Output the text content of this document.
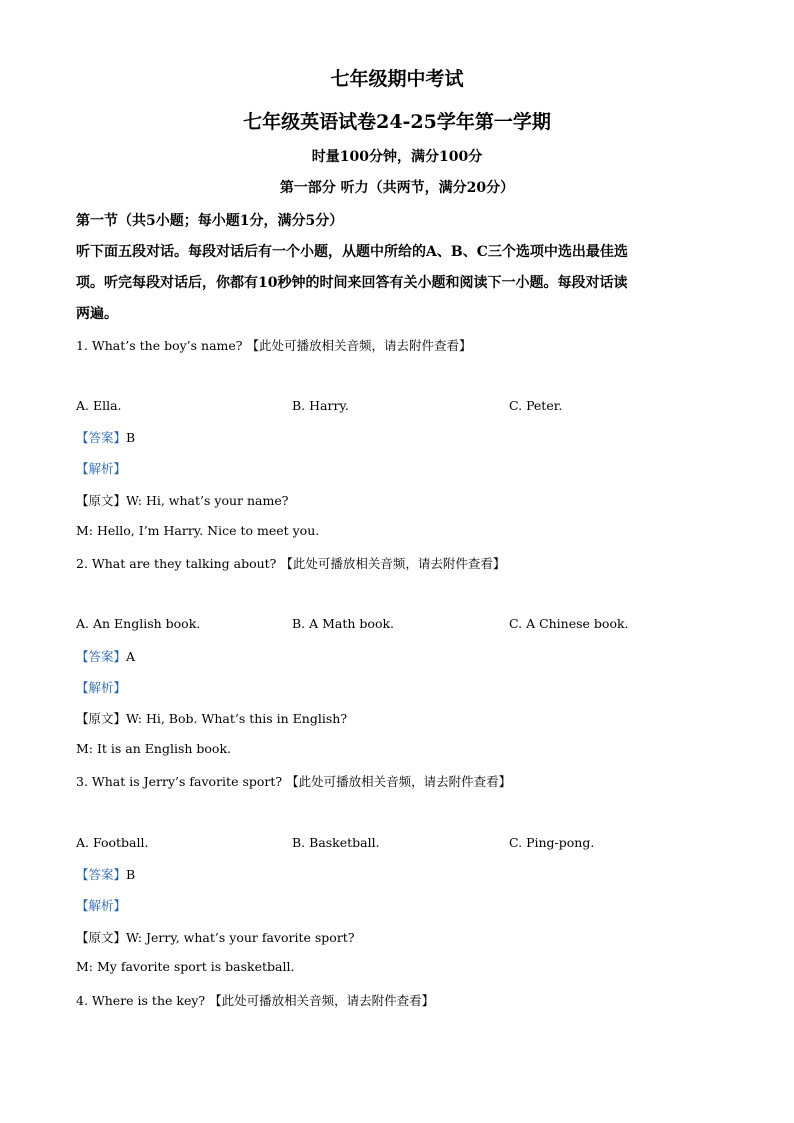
七年级期中考试
七年级英语试卷24-25学年第一学期
时量100分钟，满分100分
第一部分 听力（共两节，满分20分）
第一节（共5小题；每小题1分，满分5分）
听下面五段对话。每段对话后有一个小题，从题中所给的A、B、C三个选项中选出最佳选
项。听完每段对话后，你都有10秒钟的时间来回答有关小题和阅读下一小题。每段对话读
两遍。
1. What’s the boy’s name? 【此处可播放相关音频，请去附件查看】
A. Ella.	B. Harry.	C. Peter.
【答案】B
【解析】
【原文】W: Hi, what’s your name?
M: Hello, I’m Harry. Nice to meet you.
2. What are they talking about? 【此处可播放相关音频，请去附件查看】
A. An English book.	B. A Math book.	C. A Chinese book.
【答案】A
【解析】
【原文】W: Hi, Bob. What’s this in English?
M: It is an English book.
3. What is Jerry’s favorite sport? 【此处可播放相关音频，请去附件查看】
A. Football.	B. Basketball.	C. Ping-pong.
【答案】B
【解析】
【原文】W: Jerry, what’s your favorite sport?
M: My favorite sport is basketball.
4. Where is the key? 【此处可播放相关音频，请去附件查看】
